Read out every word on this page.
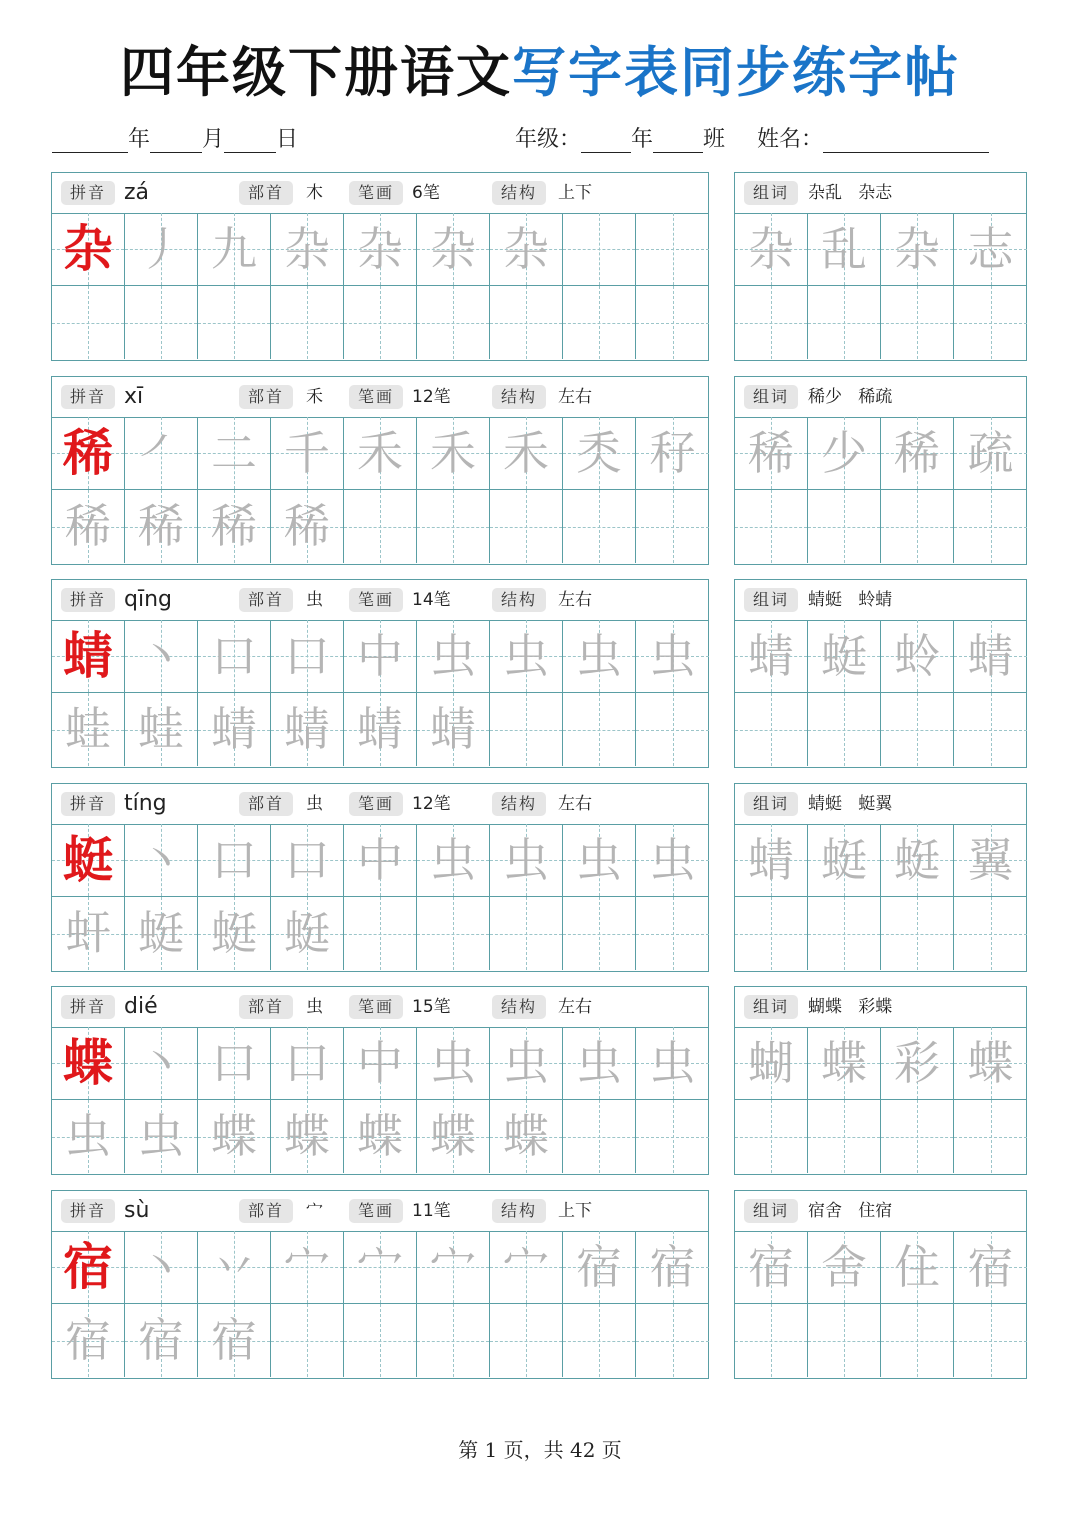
四年级下册语文写字表同步练字帖
年 月 日	年级： 年 班 姓名：
拼音 zá	部首	木	笔画	6笔	结构	上下
杂 丿 九 杂 杂 杂 杂
组词	杂乱   杂志
杂 乱 杂 志
拼音 xī	部首	禾	笔画	12笔	结构	左右
稀 ㇒ 二 千 禾 禾 禾 秂 秄
稀 稀 稀 稀
组词	稀少   稀疏
稀 少 稀 疏
拼音 qīng	部首	虫	笔画	14笔	结构	左右
蜻 丶 口 口 中 虫 虫 虫 虫
蛙 蛙 蜻 蜻 蜻 蜻
组词	蜻蜓   蛉蜻
蜻 蜓 蛉 蜻
拼音 tíng	部首	虫	笔画	12笔	结构	左右
蜓 丶 口 口 中 虫 虫 虫 虫
虷 蜓 蜓 蜓
组词	蜻蜓   蜓翼
蜻 蜓 蜓 翼
拼音 dié	部首	虫	笔画	15笔	结构	左右
蝶 丶 口 口 中 虫 虫 虫 虫
虫 虫 蝶 蝶 蝶 蝶 蝶
组词	蝴蝶   彩蝶
蝴 蝶 彩 蝶
拼音 sù	部首	宀	笔画	11笔	结构	上下
宿 丶 丷 宀 宀 宀 宀 宿 宿
宿 宿 宿
组词	宿舍   住宿
宿 舍 住 宿
第 1 页，共 42 页
